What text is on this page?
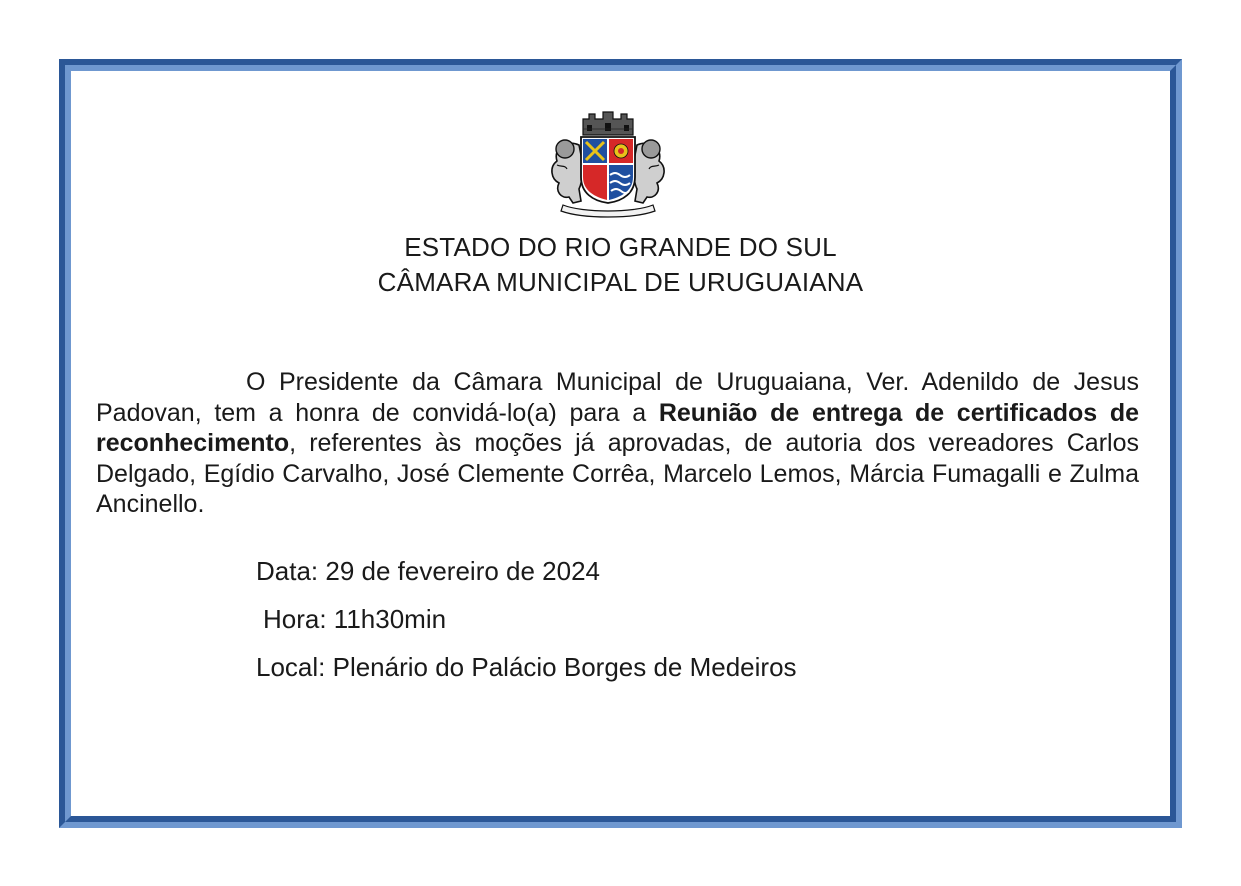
ESTADO DO RIO GRANDE DO SUL
CÂMARA MUNICIPAL DE URUGUAIANA
O Presidente da Câmara Municipal de Uruguaiana, Ver. Adenildo de Jesus Padovan, tem a honra de convidá-lo(a) para a Reunião de entrega de certificados de reconhecimento, referentes às moções já aprovadas, de autoria dos vereadores Carlos Delgado, Egídio Carvalho, José Clemente Corrêa, Marcelo Lemos, Márcia Fumagalli e Zulma Ancinello.
Data: 29 de fevereiro de 2024
Hora: 11h30min
Local: Plenário do Palácio Borges de Medeiros
